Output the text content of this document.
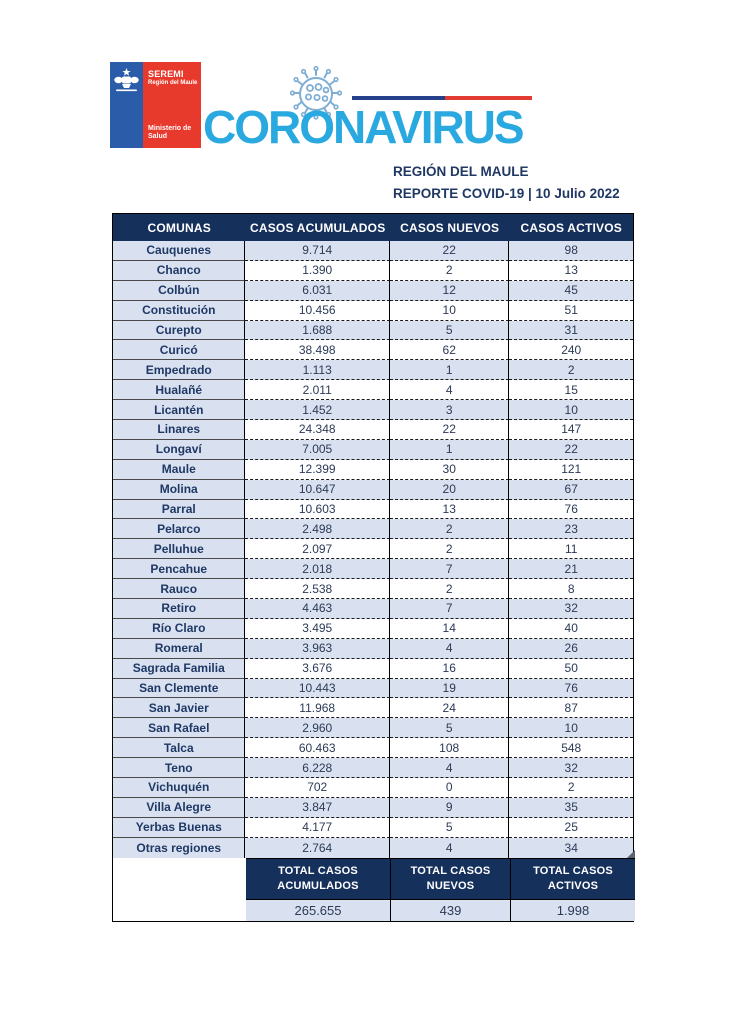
SEREMI
Región del Maule
Ministerio de
Salud CORONAVIRUS
REGIÓN DEL MAULE
REPORTE COVID-19 | 10 Julio 2022
COMUNAS	CASOS ACUMULADOS	CASOS NUEVOS	CASOS ACTIVOS
Cauquenes	9.714	22	98
Chanco	1.390	2	13
Colbún	6.031	12	45
Constitución	10.456	10	51
Curepto	1.688	5	31
Curicó	38.498	62	240
Empedrado	1.113	1	2
Hualañé	2.011	4	15
Licantén	1.452	3	10
Linares	24.348	22	147
Longaví	7.005	1	22
Maule	12.399	30	121
Molina	10.647	20	67
Parral	10.603	13	76
Pelarco	2.498	2	23
Pelluhue	2.097	2	11
Pencahue	2.018	7	21
Rauco	2.538	2	8
Retiro	4.463	7	32
Río Claro	3.495	14	40
Romeral	3.963	4	26
Sagrada Familia	3.676	16	50
San Clemente	10.443	19	76
San Javier	11.968	24	87
San Rafael	2.960	5	10
Talca	60.463	108	548
Teno	6.228	4	32
Vichuquén	702	0	2
Villa Alegre	3.847	9	35
Yerbas Buenas	4.177	5	25
Otras regiones	2.764	4	34
TOTAL CASOS
ACUMULADOS
TOTAL CASOS
NUEVOS
TOTAL CASOS
ACTIVOS
265.655	439	1.998
